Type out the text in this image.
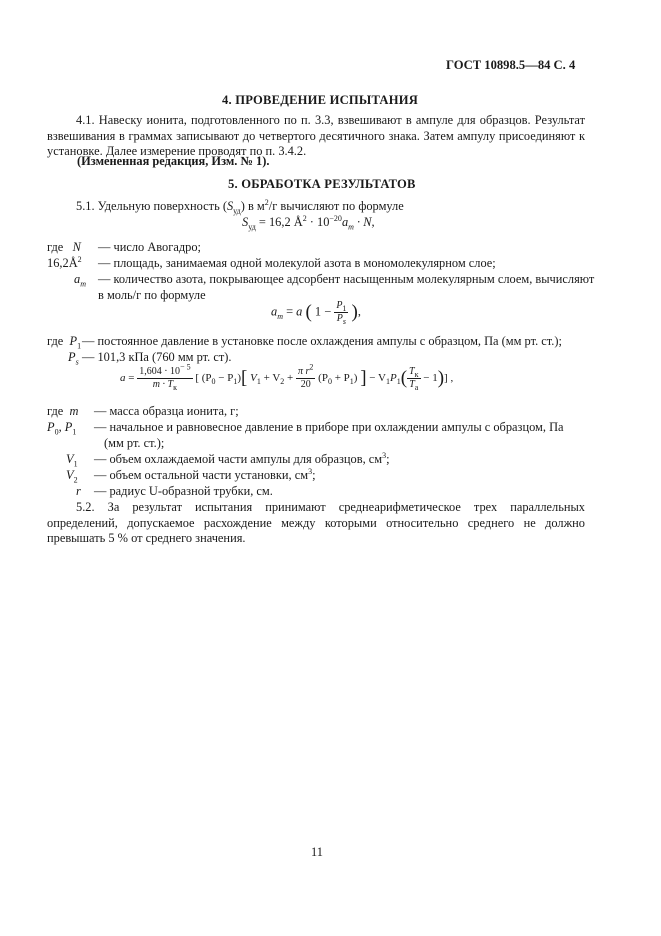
ГОСТ 10898.5—84 С. 4
4. ПРОВЕДЕНИЕ ИСПЫТАНИЯ
4.1. Навеску ионита, подготовленного по п. 3.3, взвешивают в ампуле для образцов. Результат взвешивания в граммах записывают до четвертого десятичного знака. Затем ампулу присоединяют к установке. Далее измерение проводят по п. 3.4.2.
(Измененная редакция, Изм. № 1).
5. ОБРАБОТКА РЕЗУЛЬТАТОВ
5.1. Удельную поверхность $(S_{уд})$ в $м^2/г$ вычисляют по формуле
$S_{уд} = 16,2$ $Å^2 \cdot 10^{-20}a_m \cdot N$,
где   N — число Авогадро;
$16,2Å^2$ — площадь, занимаемая одной молекулой азота в мономолекулярном слое;
$a_m$ — количество азота, покрывающее адсорбент насыщенным молекулярным слоем, вычисляют
в моль/г по формуле
$a_m = a$ ( $1 - \frac{P_1}{P_s}$ ),
где  $P_1$ — постоянное давление в установке после охлаждения ампулы с образцом, Па (мм рт. ст.);
$P_s$ — 101,3 кПа (760 мм рт. ст).
$a = \frac{1,604 \cdot 10^{- 5}}{m \cdot T_к}$ [ $(P_0 - P_1)$[ $V_1 + V_2 + \frac{\pi r^2}{20} (P_0 + P_1)$ ] − $V_1P_1( \frac{T_к}{T_а} - 1)$] ,
где  m — масса образца ионита, г;
$P_0$, $P_1$ — начальное и равновесное давление в приборе при охлаждении ампулы с образцом, Па
(мм рт. ст.);
$V_1$ — объем охлаждаемой части ампулы для образцов, $см^3$;
$V_2$ — объем остальной части установки, $см^3$;
r — радиус U-образной трубки, см.
5.2. За результат испытания принимают среднеарифметическое трех параллельных определений, допускаемое расхождение между которыми относительно среднего не должно превышать 5 % от среднего значения.
11
